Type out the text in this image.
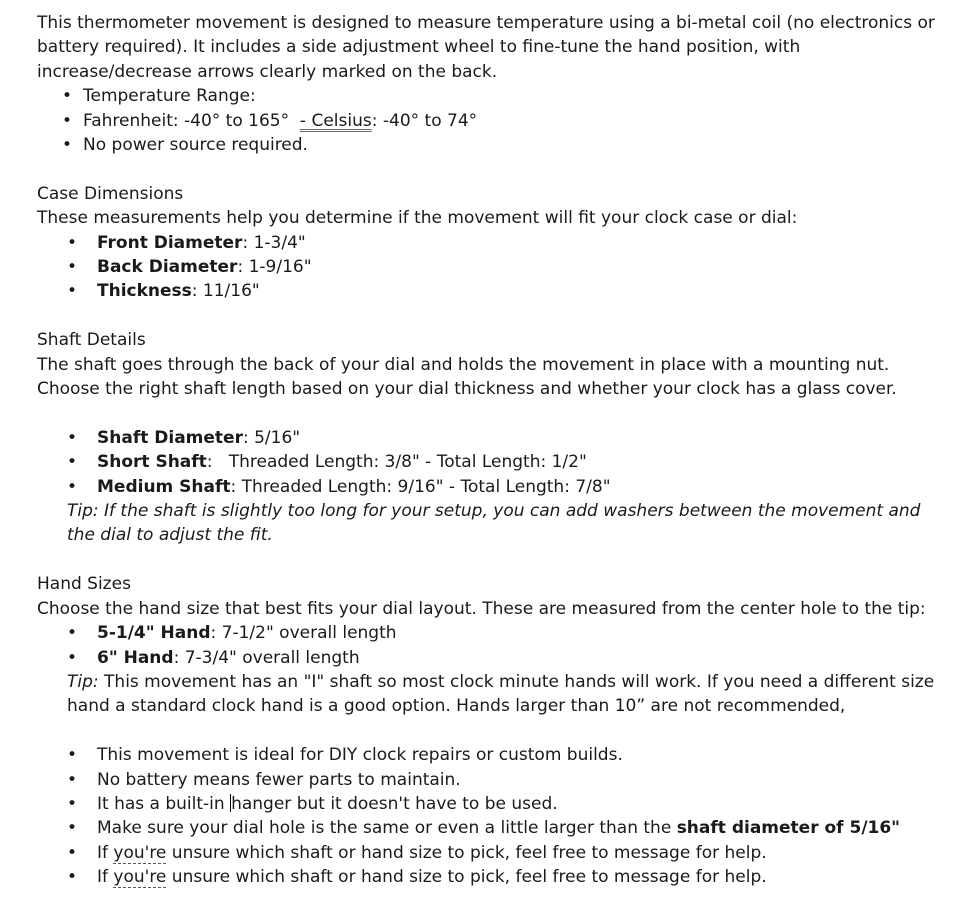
This thermometer movement is designed to measure temperature using a bi-metal coil (no electronics or battery required). It includes a side adjustment wheel to fine-tune the hand position, with increase/decrease arrows clearly marked on the back.
• Temperature Range:
• Fahrenheit: -40° to 165°  - Celsius: -40° to 74°
• No power source required.
Case Dimensions
These measurements help you determine if the movement will fit your clock case or dial:
• Front Diameter: 1-3/4"
• Back Diameter: 1-9/16"
• Thickness: 11/16"
Shaft Details
The shaft goes through the back of your dial and holds the movement in place with a mounting nut.
Choose the right shaft length based on your dial thickness and whether your clock has a glass cover.
• Shaft Diameter: 5/16"
• Short Shaft:   Threaded Length: 3/8" - Total Length: 1/2"
• Medium Shaft: Threaded Length: 9/16" - Total Length: 7/8"
Tip: If the shaft is slightly too long for your setup, you can add washers between the movement and the dial to adjust the fit.
Hand Sizes
Choose the hand size that best fits your dial layout. These are measured from the center hole to the tip:
• 5-1/4" Hand: 7-1/2" overall length
• 6" Hand: 7-3/4" overall length
Tip: This movement has an "I" shaft so most clock minute hands will work. If you need a different size hand a standard clock hand is a good option. Hands larger than 10” are not recommended,
• This movement is ideal for DIY clock repairs or custom builds.
• No battery means fewer parts to maintain.
• It has a built-in hanger but it doesn't have to be used.
• Make sure your dial hole is the same or even a little larger than the shaft diameter of 5/16"
• If you're unsure which shaft or hand size to pick, feel free to message for help.
• If you're unsure which shaft or hand size to pick, feel free to message for help.
